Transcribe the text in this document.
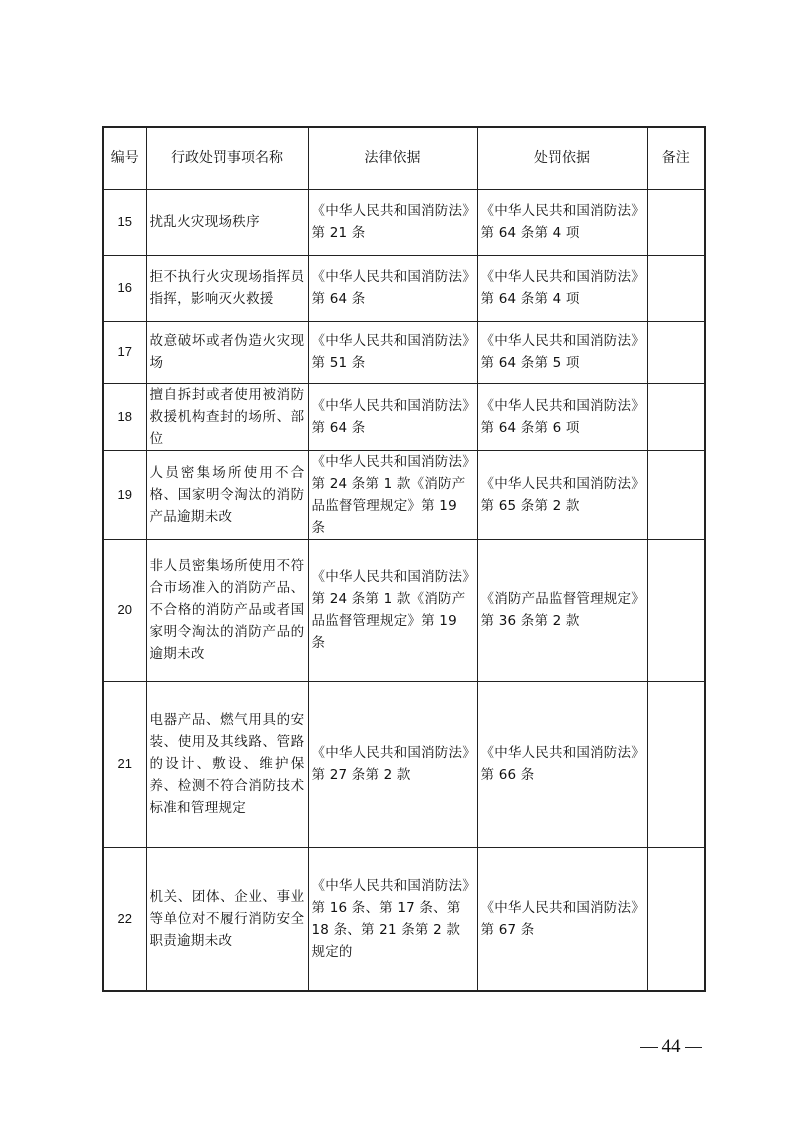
编号	行政处罚事项名称	法律依据	处罚依据	备注
15	扰乱火灾现场秩序	《中华人民共和国消防法》第 21 条	《中华人民共和国消防法》第 64 条第 4 项	
16	拒不执行火灾现场指挥员指挥，影响灭火救援	《中华人民共和国消防法》第 64 条	《中华人民共和国消防法》第 64 条第 4 项	
17	故意破坏或者伪造火灾现场	《中华人民共和国消防法》第 51 条	《中华人民共和国消防法》第 64 条第 5 项	
18	擅自拆封或者使用被消防救援机构查封的场所、部位	《中华人民共和国消防法》第 64 条	《中华人民共和国消防法》第 64 条第 6 项	
19	人员密集场所使用不合格、国家明令淘汰的消防产品逾期未改	《中华人民共和国消防法》第 24 条第 1 款《消防产品监督管理规定》第 19 条	《中华人民共和国消防法》第 65 条第 2 款	
20	非人员密集场所使用不符合市场准入的消防产品、不合格的消防产品或者国家明令淘汰的消防产品的逾期未改	《中华人民共和国消防法》第 24 条第 1 款《消防产品监督管理规定》第 19 条	《消防产品监督管理规定》第 36 条第 2 款	
21	电器产品、燃气用具的安装、使用及其线路、管路的设计、敷设、维护保养、检测不符合消防技术标准和管理规定	《中华人民共和国消防法》第 27 条第 2 款	《中华人民共和国消防法》第 66 条	
22	机关、团体、企业、事业等单位对不履行消防安全职责逾期未改	《中华人民共和国消防法》第 16 条、第 17 条、第 18 条、第 21 条第 2 款规定的	《中华人民共和国消防法》第 67 条	
44
